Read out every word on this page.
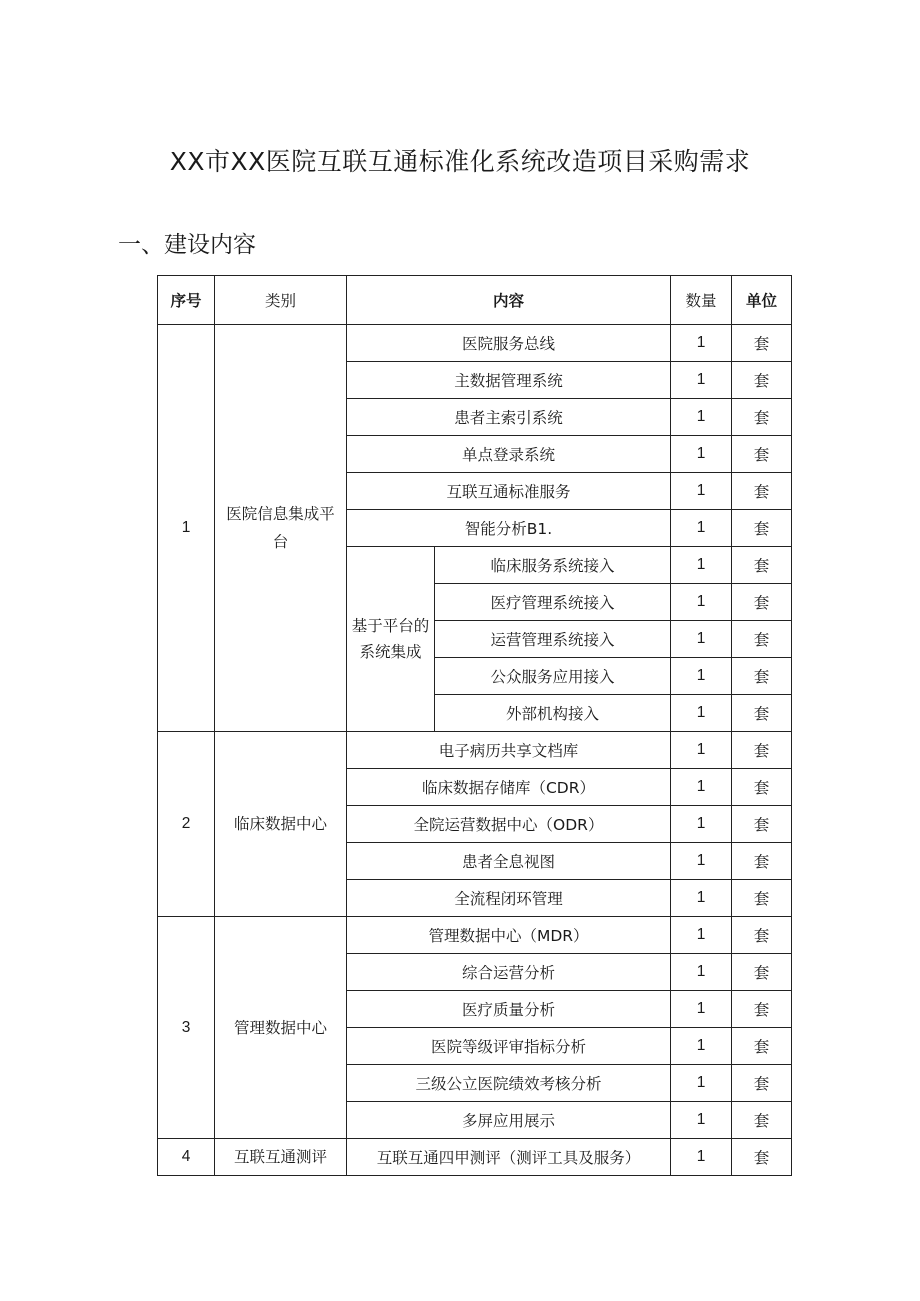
XX市XX医院互联互通标准化系统改造项目采购需求
一、建设内容
序号	类别	内容		数量	单位
1	医院信息集成平台	医院服务总线		1	套
		主数据管理系统		1	套
		患者主索引系统		1	套
		单点登录系统		1	套
		互联互通标准服务		1	套
		智能分析B1.		1	套
		基于平台的系统集成	临床服务系统接入	1	套
			医疗管理系统接入	1	套
			运营管理系统接入	1	套
			公众服务应用接入	1	套
			外部机构接入	1	套
2	临床数据中心	电子病历共享文档库		1	套
		临床数据存储库（CDR）		1	套
		全院运营数据中心（ODR）		1	套
		患者全息视图		1	套
		全流程闭环管理		1	套
3	管理数据中心	管理数据中心（MDR）		1	套
		综合运营分析		1	套
		医疗质量分析		1	套
		医院等级评审指标分析		1	套
		三级公立医院绩效考核分析		1	套
		多屏应用展示		1	套
4	互联互通测评	互联互通四甲测评（测评工具及服务）		1	套
